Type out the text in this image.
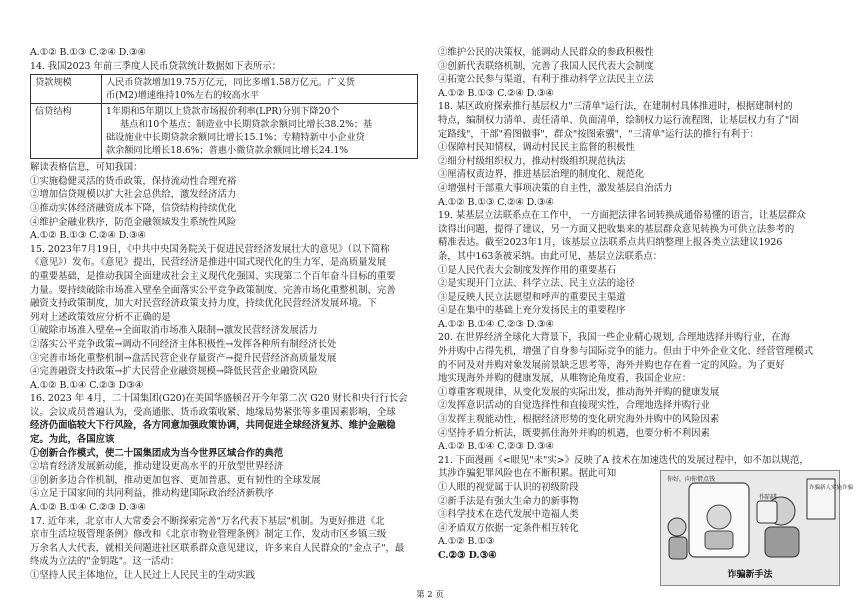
A.①② B.①③ C.②④ D.③④

14. 我国2023 年前三季度人民币贷款统计数据如下表所示：

贷款规模	人民币贷款增加19.75万亿元，同比多增1.58万亿元。广义货
币(M2)增速维持10%左右的较高水平

信贷结构	1年期和5年期以上贷款市场报价利率(LPR)分别下降20个
基点和10个基点；制造业中长期贷款余额同比增长38.2%；基
础设施业中长期贷款余额同比增长15.1%；专精特新中小企业贷
款余额同比增长18.6%；普惠小微贷款余额同比增长24.1%

解读表格信息，可知我国：

①实施稳健灵活的货币政策，保持流动性合理充裕

②增加信贷规模以扩大社会总供给，激发经济活力

③推动实体经济融资成本下降，信贷结构持续优化

④维护金融业秩序，防范金融领域发生系统性风险

A.①② B.①③ C.②④ D.③④

15. 2023年7月19日，《中共中央国务院关于促进民营经济发展壮大的意见》（以下简称

《意见》）发布。《意见》提出，民营经济是推进中国式现代化的生力军，是高质量发展

的重要基础，是推动我国全面建成社会主义现代化强国、实现第二个百年奋斗目标的重要

力量。要持续破除市场准入壁垒全面落实公平竞争政策制度、完善市场化重整机制、完善

融资支持政策制度，加大对民营经济政策支持力度，持续优化民营经济发展环境。下

列对上述政策效应分析不正确的是

①破除市场准入壁垒→全面取消市场准入限制→激发民营经济发展活力

②落实公平竞争政策→调动不同经济主体积极性→发挥各种所有制经济长处

③完善市场化重整机制→盘活民营企业存量资产→提升民营经济高质量发展

④完善融资支持政策→扩大民营企业融资规模→降低民营企业融资风险

A.①② B.①④ C.②③ D③④

16. 2023 年 4月，二十国集团(G20)在美国华盛顿召开今年第二次 G20 财长和央行行长会

议。会议成员普遍认为，受高通胀、货币政策收紧、地缘局势紧张等多重因素影响，全球

经济仍面临较大下行风险，各方同意加强政策协调，共同促进全球经济复苏、维护金融稳

定。为此，各国应该

①创新合作模式，使二十国集团成为当今世界区域合作的典范

②培育经济发展新动能，推动建设更高水平的开放型世界经济

③创新多边合作机制，推动更加包容、更加普惠、更有韧性的全球发展

④立足于国家间的共同利益，推动构建国际政治经济新秩序

A.①② B.①④ C.②③ D.③④

17. 近年来，北京市人大常委会不断探索完善"万名代表下基层"机制。为更好推进《北

京市生活垃圾管理条例》修改和《北京市物业管理条例》制定工作，发动市区乡镇三级

万余名人大代表，就相关问题进社区联系群众意见建议，许多来自人民群众的"金点子"，最

终成为立法的"金钥匙"。这一活动：

①坚持人民主体地位，让人民过上人民民主的生动实践

②维护公民的决策权，能调动人民群众的参政积极性

③创新代表联络机制，完善了我国人民代表大会制度

④拓宽公民参与渠道，有利于推动科学立法民主立法

A.①② B.①③ C.②④ D.③④

18. 某区政府探索推行基层权力"三清单"运行法，在建制村具体推进时，根据建制村的

特点，编制权力清单、责任清单、负面清单，绘制权力运行流程图，让基层权力有了"固

定路线"，干部"看图做事"，群众"按图索骥"，"三清单"运行法的推行有利于：

①保障村民知情权，调动村民民主监督的积极性

②细分村级组织权力，推动村级组织规范执法

③厘清权责边界，推进基层治理的制度化、规范化

④增强村干部重大事项决策的自主性，激发基层自治活力

A.①② B.①③ C.②④ D.③④

19. 某基层立法联系点在工作中， 一方面把法律名词转换成通俗易懂的语言，让基层群众

读得出问题，提得了建议，另一方面又把收集来的基层群众意见转换为可供立法参考的

精准表达。截至2023年1月，该基层立法联系点共归纳整理上报各类立法建议1926

条，其中163条被采纳。由此可见，基层立法联系点：

①是人民代表大会制度发挥作用的重要基石

②是实现开门立法、科学立法、民主立法的途径

③是反映人民立法愿望和呼声的重要民主渠道

④是在集中的基础上充分发扬民主的重要程序

A.①② B.①④ C.②③ D.③④

20. 在世界经济全球化大背景下，我国一些企业精心规划, 合理地选择并购行业，在海

外并购中占得先机，增强了自身参与国际竞争的能力。但由于中外企业文化、经营管理模式

的不同及对并购对象发展前景缺乏思考等，海外并购也存在着一定的风险。为了更好

地实现海外并购的健康发展，从唯物论角度看，我国企业应：

①尊重客观规律，从变化发展的实际出发，推动海外并购的健康发展

②发挥意识活动的自觉选择性和直接现实性，合理地选择并购行业

③发挥主观能动性，根据经济形势的变化研究海外并购中的风险因素

④坚持矛盾分析法，既要抓住海外并购的机遇，也要分析不利因素

A.①② B.①④ C.②③ D.③④

21. 下面漫画《<眼见"未"实>》反映了A 技术在加速迭代的发展过程中，如不加以规范，

其涉诈骗犯罪风险也在不断积累。据此可知

①人眼的视觉属于认识的初级阶段

②新手法是有强大生命力的新事物

③科学技术在迭代发展中造福人类

④矛盾双方依据一定条件相互转化

A.①② B.①③

C.②③ D.③④

你好，向你借点钱
作陷阱
诈骗新人实施诈骗
诈骗新手法
第 2 页
